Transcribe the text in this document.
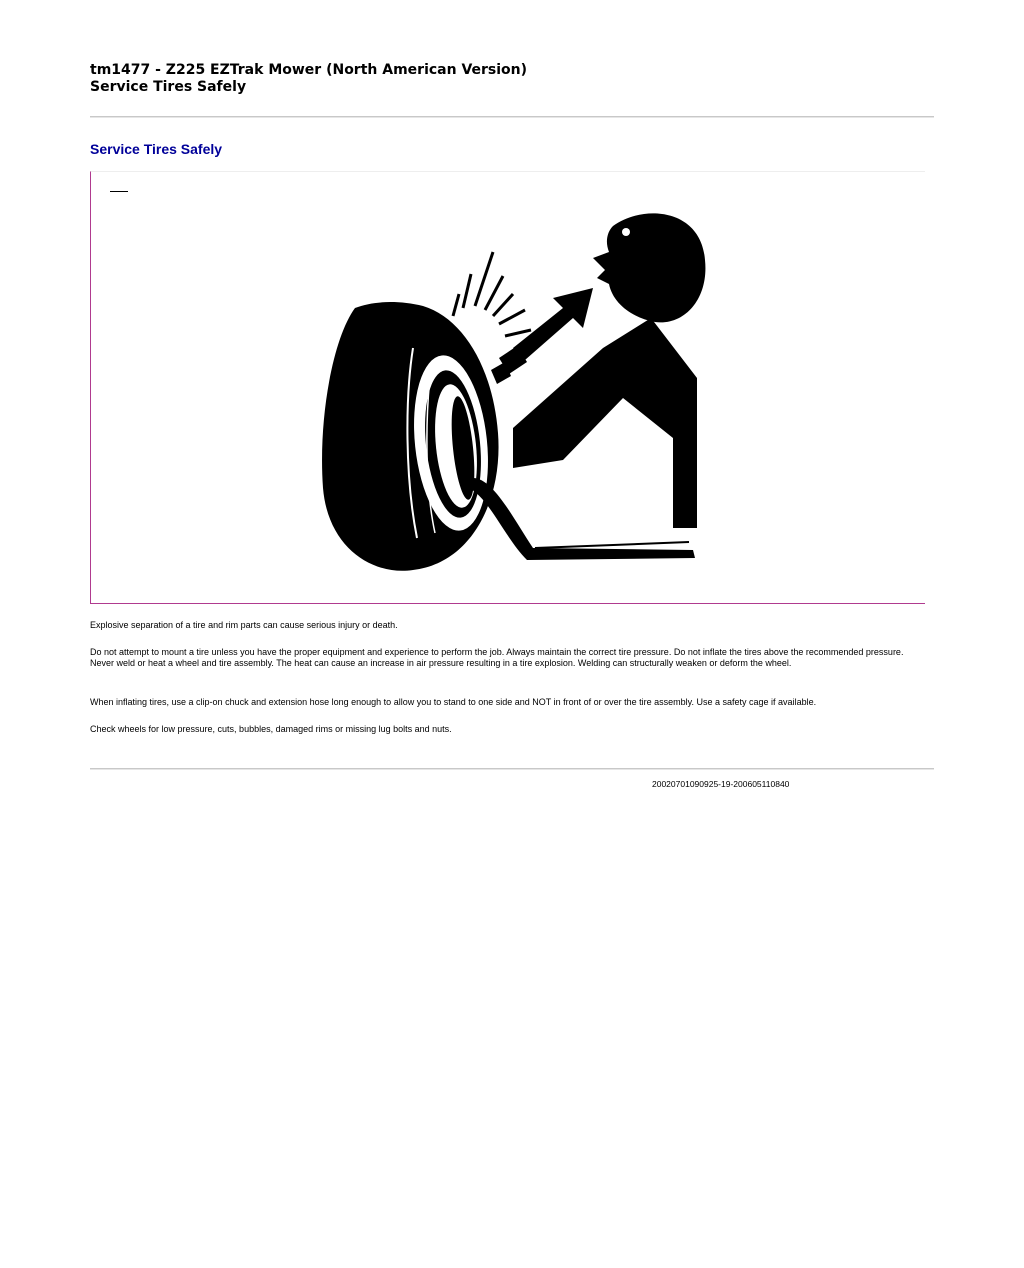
tm1477 - Z225 EZTrak Mower (North American Version)
Service Tires Safely
Service Tires Safely

Explosive separation of a tire and rim parts can cause serious injury or death.

Do not attempt to mount a tire unless you have the proper equipment and experience to perform the job. Always maintain the correct tire pressure. Do not inflate the tires above the recommended pressure. Never weld or heat a wheel and tire assembly. The heat can cause an increase in air pressure resulting in a tire explosion. Welding can structurally weaken or deform the wheel.

When inflating tires, use a clip-on chuck and extension hose long enough to allow you to stand to one side and NOT in front of or over the tire assembly. Use a safety cage if available.

Check wheels for low pressure, cuts, bubbles, damaged rims or missing lug bolts and nuts.

20020701090925-19-200605110840
